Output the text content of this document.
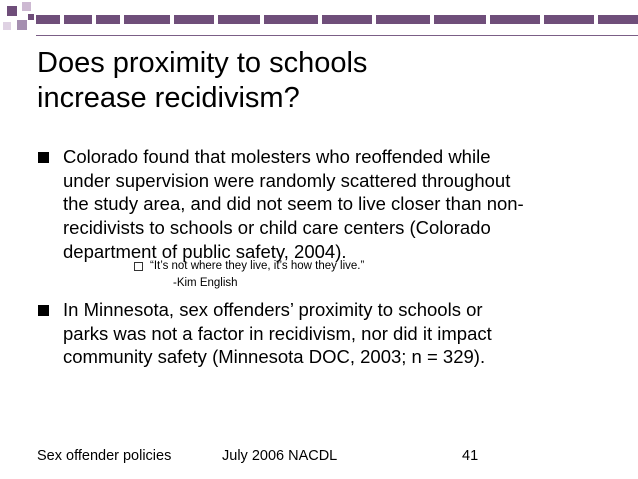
Does proximity to schools
increase recidivism?
Colorado found that molesters who reoffended while
under supervision were randomly scattered throughout
the study area, and did not seem to live closer than non-
recidivists to schools or child care centers (Colorado
department of public safety, 2004).
“It’s not where they live, it’s how they live.”
-Kim English
In Minnesota, sex offenders’ proximity to schools or
parks was not a factor in recidivism, nor did it impact
community safety (Minnesota DOC, 2003; n = 329).
Sex offender policies	July 2006 NACDL	41
